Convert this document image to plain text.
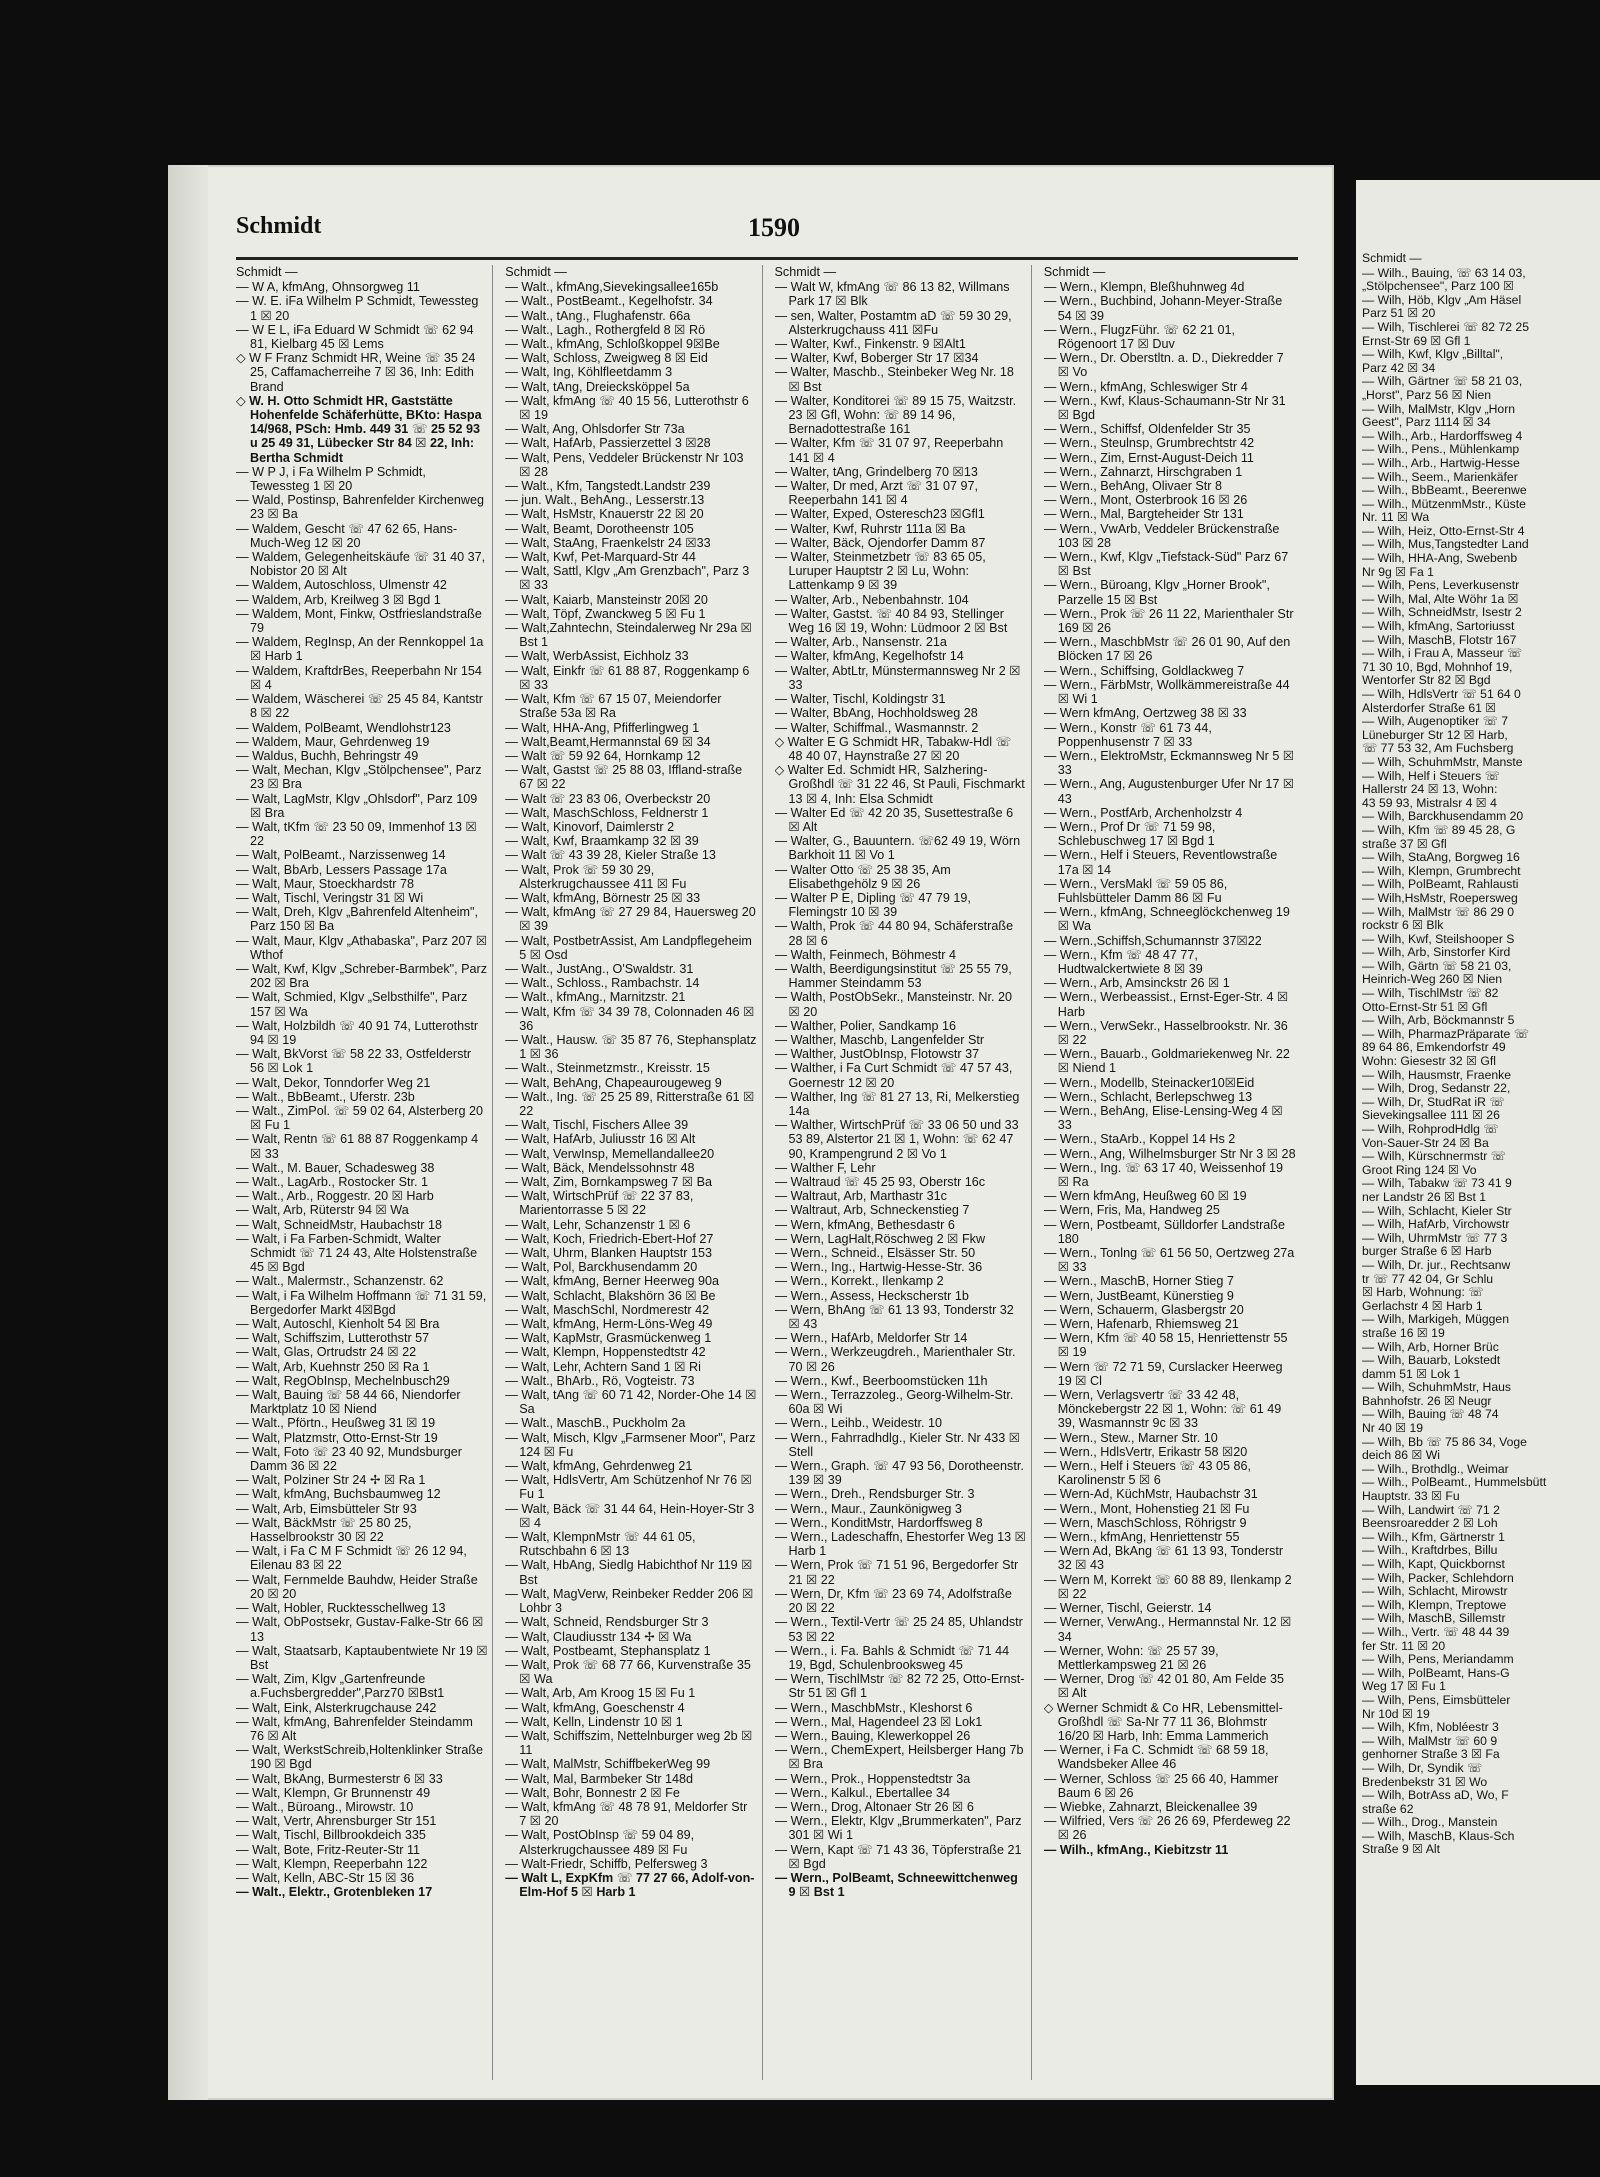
Schmidt	1590
Schmidt —

— W A, kfmAng, Ohnsorgweg 11

— W. E. iFa Wilhelm P Schmidt, Tewessteg 1 ☒ 20

— W E L, iFa Eduard W Schmidt ☏ 62 94 81, Kielbarg 45 ☒ Lems

◇ W F Franz Schmidt HR, Weine ☏ 35 24 25, Caffamacherreihe 7 ☒ 36, Inh: Edith Brand

◇ W. H. Otto Schmidt HR, Gaststätte Hohenfelde Schäferhütte, BKto: Haspa 14/968, PSch: Hmb. 449 31 ☏ 25 52 93 u 25 49 31, Lübecker Str 84 ☒ 22, Inh: Bertha Schmidt

— W P J, i Fa Wilhelm P Schmidt, Tewessteg 1 ☒ 20

— Wald, Postinsp, Bahrenfelder Kirchenweg 23 ☒ Ba

— Waldem, Gescht ☏ 47 62 65, Hans-Much-Weg 12 ☒ 20

— Waldem, Gelegenheitskäufe ☏ 31 40 37, Nobistor 20 ☒ Alt

— Waldem, Autoschloss, Ulmenstr 42

— Waldem, Arb, Kreilweg 3 ☒ Bgd 1

— Waldem, Mont, Finkw, Ostfrieslandstraße 79

— Waldem, RegInsp, An der Rennkoppel 1a ☒ Harb 1

— Waldem, KraftdrBes, Reeperbahn Nr 154 ☒ 4

— Waldem, Wäscherei ☏ 25 45 84, Kantstr 8 ☒ 22

— Waldem, PolBeamt, Wendlohstr123

— Waldem, Maur, Gehrdenweg 19

— Waldus, Buchh, Behringstr 49

— Walt, Mechan, Klgv „Stölpchensee", Parz 23 ☒ Bra

— Walt, LagMstr, Klgv „Ohlsdorf", Parz 109 ☒ Bra

— Walt, tKfm ☏ 23 50 09, Immenhof 13 ☒ 22

— Walt, PolBeamt., Narzissenweg 14

— Walt, BbArb, Lessers Passage 17a

— Walt, Maur, Stoeckhardstr 78

— Walt, Tischl, Veringstr 31 ☒ Wi

— Walt, Dreh, Klgv „Bahrenfeld Altenheim", Parz 150 ☒ Ba

— Walt, Maur, Klgv „Athabaska", Parz 207 ☒ Wthof

— Walt, Kwf, Klgv „Schreber-Barmbek", Parz 202 ☒ Bra

— Walt, Schmied, Klgv „Selbsthilfe", Parz 157 ☒ Wa

— Walt, Holzbildh ☏ 40 91 74, Lutterothstr 94 ☒ 19

— Walt, BkVorst ☏ 58 22 33, Ostfelderstr 56 ☒ Lok 1

— Walt, Dekor, Tonndorfer Weg 21

— Walt., BbBeamt., Uferstr. 23b

— Walt., ZimPol. ☏ 59 02 64, Alsterberg 20 ☒ Fu 1

— Walt, Rentn ☏ 61 88 87 Roggenkamp 4 ☒ 33

— Walt., M. Bauer, Schadesweg 38

— Walt., LagArb., Rostocker Str. 1

— Walt., Arb., Roggestr. 20 ☒ Harb

— Walt, Arb, Rüterstr 94 ☒ Wa

— Walt, SchneidMstr, Haubachstr 18

— Walt, i Fa Farben-Schmidt, Walter Schmidt ☏ 71 24 43, Alte Holstenstraße 45 ☒ Bgd

— Walt., Malermstr., Schanzenstr. 62

— Walt, i Fa Wilhelm Hoffmann ☏ 71 31 59, Bergedorfer Markt 4☒Bgd

— Walt, Autoschl, Kienholt 54 ☒ Bra

— Walt, Schiffszim, Lutterothstr 57

— Walt, Glas, Ortrudstr 24 ☒ 22

— Walt, Arb, Kuehnstr 250 ☒ Ra 1

— Walt, RegObInsp, Mechelnbusch29

— Walt, Bauing ☏ 58 44 66, Niendorfer Marktplatz 10 ☒ Niend

— Walt., Pförtn., Heußweg 31 ☒ 19

— Walt, Platzmstr, Otto-Ernst-Str 19

— Walt, Foto ☏ 23 40 92, Mundsburger Damm 36 ☒ 22

— Walt, Polziner Str 24 ✢ ☒ Ra 1

— Walt, kfmAng, Buchsbaumweg 12

— Walt, Arb, Eimsbütteler Str 93

— Walt, BäckMstr ☏ 25 80 25, Hasselbrookstr 30 ☒ 22

— Walt, i Fa C M F Schmidt ☏ 26 12 94, Eilenau 83 ☒ 22

— Walt, Fernmelde Bauhdw, Heider Straße 20 ☒ 20

— Walt, Hobler, Rucktesschellweg 13

— Walt, ObPostsekr, Gustav-Falke-Str 66 ☒ 13

— Walt, Staatsarb, Kaptaubentwiete Nr 19 ☒ Bst

— Walt, Zim, Klgv „Gartenfreunde a.Fuchsbergredder",Parz70 ☒Bst1

— Walt, Eink, Alsterkrugchause 242

— Walt, kfmAng, Bahrenfelder Steindamm 76 ☒ Alt

— Walt, WerkstSchreib,Holtenklinker Straße 190 ☒ Bgd

— Walt, BkAng, Burmesterstr 6 ☒ 33

— Walt, Klempn, Gr Brunnenstr 49

— Walt., Büroang., Mirowstr. 10

— Walt, Vertr, Ahrensburger Str 151

— Walt, Tischl, Billbrookdeich 335

— Walt, Bote, Fritz-Reuter-Str 11

— Walt, Klempn, Reeperbahn 122

— Walt, Kelln, ABC-Str 15 ☒ 36

— Walt., Elektr., Grotenbleken 17

Schmidt —

— Walt., kfmAng,Sievekingsallee165b

— Walt., PostBeamt., Kegelhofstr. 34

— Walt., tAng., Flughafenstr. 66a

— Walt., Lagh., Rothergfeld 8 ☒ Rö

— Walt., kfmAng, Schloßkoppel 9☒Be

— Walt, Schloss, Zweigweg 8 ☒ Eid

— Walt, Ing, Köhlfleetdamm 3

— Walt, tAng, Dreiecksköppel 5a

— Walt, kfmAng ☏ 40 15 56, Lutterothstr 6 ☒ 19

— Walt, Ang, Ohlsdorfer Str 73a

— Walt, HafArb, Passierzettel 3 ☒28

— Walt, Pens, Veddeler Brückenstr Nr 103 ☒ 28

— Walt., Kfm, Tangstedt.Landstr 239

— jun. Walt., BehAng., Lesserstr.13

— Walt, HsMstr, Knauerstr 22 ☒ 20

— Walt, Beamt, Dorotheenstr 105

— Walt, StaAng, Fraenkelstr 24 ☒33

— Walt, Kwf, Pet-Marquard-Str 44

— Walt, Sattl, Klgv „Am Grenzbach", Parz 3 ☒ 33

— Walt, Kaiarb, Mansteinstr 20☒ 20

— Walt, Töpf, Zwanckweg 5 ☒ Fu 1

— Walt,Zahntechn, Steindalerweg Nr 29a ☒ Bst 1

— Walt, WerbAssist, Eichholz 33

— Walt, Einkfr ☏ 61 88 87, Roggenkamp 6 ☒ 33

— Walt, Kfm ☏ 67 15 07, Meiendorfer Straße 53a ☒ Ra

— Walt, HHA-Ang, Pfifferlingweg 1

— Walt,Beamt,Hermannstal 69 ☒ 34

— Walt ☏ 59 92 64, Hornkamp 12

— Walt, Gastst ☏ 25 88 03, Iffland-straße 67 ☒ 22

— Walt ☏ 23 83 06, Overbeckstr 20

— Walt, MaschSchloss, Feldnerstr 1

— Walt, Kinovorf, Daimlerstr 2

— Walt, Kwf, Braamkamp 32 ☒ 39

— Walt ☏ 43 39 28, Kieler Straße 13

— Walt, Prok ☏ 59 30 29, Alsterkrugchaussee 411 ☒ Fu

— Walt, kfmAng, Börnestr 25 ☒ 33

— Walt, kfmAng ☏ 27 29 84, Hauersweg 20 ☒ 39

— Walt, PostbetrAssist, Am Landpflegeheim 5 ☒ Osd

— Walt., JustAng., O'Swaldstr. 31

— Walt., Schloss., Rambachstr. 14

— Walt., kfmAng., Marnitzstr. 21

— Walt, Kfm ☏ 34 39 78, Colonnaden 46 ☒ 36

— Walt., Hausw. ☏ 35 87 76, Stephansplatz 1 ☒ 36

— Walt., Steinmetzmstr., Kreisstr. 15

— Walt, BehAng, Chapeaurougeweg 9

— Walt., Ing. ☏ 25 25 89, Ritterstraße 61 ☒ 22

— Walt, Tischl, Fischers Allee 39

— Walt, HafArb, Juliusstr 16 ☒ Alt

— Walt, VerwInsp, Memellandallee20

— Walt, Bäck, Mendelssohnstr 48

— Walt, Zim, Bornkampsweg 7 ☒ Ba

— Walt, WirtschPrüf ☏ 22 37 83, Marientorrasse 5 ☒ 22

— Walt, Lehr, Schanzenstr 1 ☒ 6

— Walt, Koch, Friedrich-Ebert-Hof 27

— Walt, Uhrm, Blanken Hauptstr 153

— Walt, Pol, Barckhusendamm 20

— Walt, kfmAng, Berner Heerweg 90a

— Walt, Schlacht, Blakshörn 36 ☒ Be

— Walt, MaschSchl, Nordmerestr 42

— Walt, kfmAng, Herm-Löns-Weg 49

— Walt, KapMstr, Grasmückenweg 1

— Walt, Klempn, Hoppenstedtstr 42

— Walt, Lehr, Achtern Sand 1 ☒ Ri

— Walt., BhArb., Rö, Vogteistr. 73

— Walt, tAng ☏ 60 71 42, Norder-Ohe 14 ☒ Sa

— Walt., MaschB., Puckholm 2a

— Walt, Misch, Klgv „Farmsener Moor", Parz 124 ☒ Fu

— Walt, kfmAng, Gehrdenweg 21

— Walt, HdlsVertr, Am Schützenhof Nr 76 ☒ Fu 1

— Walt, Bäck ☏ 31 44 64, Hein-Hoyer-Str 3 ☒ 4

— Walt, KlempnMstr ☏ 44 61 05, Rutschbahn 6 ☒ 13

— Walt, HbAng, Siedlg Habichthof Nr 119 ☒ Bst

— Walt, MagVerw, Reinbeker Redder 206 ☒ Lohbr 3

— Walt, Schneid, Rendsburger Str 3

— Walt, Claudiusstr 134 ✢ ☒ Wa

— Walt, Postbeamt, Stephansplatz 1

— Walt, Prok ☏ 68 77 66, Kurvenstraße 35 ☒ Wa

— Walt, Arb, Am Kroog 15 ☒ Fu 1

— Walt, kfmAng, Goeschenstr 4

— Walt, Kelln, Lindenstr 10 ☒ 1

— Walt, Schiffszim, Nettelnburger weg 2b ☒ 11

— Walt, MalMstr, SchiffbekerWeg 99

— Walt, Mal, Barmbeker Str 148d

— Walt, Bohr, Bonnestr 2 ☒ Fe

— Walt, kfmAng ☏ 48 78 91, Meldorfer Str 7 ☒ 20

— Walt, PostObInsp ☏ 59 04 89, Alsterkrugchaussee 489 ☒ Fu

— Walt-Friedr, Schiffb, Pelfersweg 3

— Walt L, ExpKfm ☏ 77 27 66, Adolf-von-Elm-Hof 5 ☒ Harb 1

Schmidt —

— Walt W, kfmAng ☏ 86 13 82, Willmans Park 17 ☒ Blk

— sen, Walter, Postamtm aD ☏ 59 30 29, Alsterkrugchauss 411 ☒Fu

— Walter, Kwf., Finkenstr. 9 ☒Alt1

— Walter, Kwf, Boberger Str 17 ☒34

— Walter, Maschb., Steinbeker Weg Nr. 18 ☒ Bst

— Walter, Konditorei ☏ 89 15 75, Waitzstr. 23 ☒ Gfl, Wohn: ☏ 89 14 96, Bernadottestraße 161

— Walter, Kfm ☏ 31 07 97, Reeperbahn 141 ☒ 4

— Walter, tAng, Grindelberg 70 ☒13

— Walter, Dr med, Arzt ☏ 31 07 97, Reeperbahn 141 ☒ 4

— Walter, Exped, Osteresch23 ☒Gfl1

— Walter, Kwf, Ruhrstr 111a ☒ Ba

— Walter, Bäck, Ojendorfer Damm 87

— Walter, Steinmetzbetr ☏ 83 65 05, Luruper Hauptstr 2 ☒ Lu, Wohn: Lattenkamp 9 ☒ 39

— Walter, Arb., Nebenbahnstr. 104

— Walter, Gastst. ☏ 40 84 93, Stellinger Weg 16 ☒ 19, Wohn: Lüdmoor 2 ☒ Bst

— Walter, Arb., Nansenstr. 21a

— Walter, kfmAng, Kegelhofstr 14

— Walter, AbtLtr, Münstermannsweg Nr 2 ☒ 33

— Walter, Tischl, Koldingstr 31

— Walter, BbAng, Hochholdsweg 28

— Walter, Schiffmal., Wasmannstr. 2

◇ Walter E G Schmidt HR, Tabakw-Hdl ☏ 48 40 07, Haynstraße 27 ☒ 20

◇ Walter Ed. Schmidt HR, Salzhering-Großhdl ☏ 31 22 46, St Pauli, Fischmarkt 13 ☒ 4, Inh: Elsa Schmidt

— Walter Ed ☏ 42 20 35, Susettestraße 6 ☒ Alt

— Walter, G., Bauuntern. ☏62 49 19, Wörn Barkhoit 11 ☒ Vo 1

— Walter Otto ☏ 25 38 35, Am Elisabethgehölz 9 ☒ 26

— Walter P E, Dipling ☏ 47 79 19, Flemingstr 10 ☒ 39

— Walth, Prok ☏ 44 80 94, Schäferstraße 28 ☒ 6

— Walth, Feinmech, Böhmestr 4

— Walth, Beerdigungsinstitut ☏ 25 55 79, Hammer Steindamm 53

— Walth, PostObSekr., Mansteinstr. Nr. 20 ☒ 20

— Walther, Polier, Sandkamp 16

— Walther, Maschb, Langenfelder Str

— Walther, JustObInsp, Flotowstr 37

— Walther, i Fa Curt Schmidt ☏ 47 57 43, Goernestr 12 ☒ 20

— Walther, Ing ☏ 81 27 13, Ri, Melkerstieg 14a

— Walther, WirtschPrüf ☏ 33 06 50 und 33 53 89, Alstertor 21 ☒ 1, Wohn: ☏ 62 47 90, Krampengrund 2 ☒ Vo 1

— Walther F, Lehr

— Waltraud ☏ 45 25 93, Oberstr 16c

— Waltraut, Arb, Marthastr 31c

— Waltraut, Arb, Schneckenstieg 7

— Wern, kfmAng, Bethesdastr 6

— Wern, LagHalt,Röschweg 2 ☒ Fkw

— Wern., Schneid., Elsässer Str. 50

— Wern., Ing., Hartwig-Hesse-Str. 36

— Wern., Korrekt., Ilenkamp 2

— Wern., Assess, Heckscherstr 1b

— Wern, BhAng ☏ 61 13 93, Tonderstr 32 ☒ 43

— Wern., HafArb, Meldorfer Str 14

— Wern., Werkzeugdreh., Marienthaler Str. 70 ☒ 26

— Wern., Kwf., Beerboomstücken 11h

— Wern., Terrazzoleg., Georg-Wilhelm-Str. 60a ☒ Wi

— Wern., Leihb., Weidestr. 10

— Wern., Fahrradhdlg., Kieler Str. Nr 433 ☒ Stell

— Wern., Graph. ☏ 47 93 56, Dorotheenstr. 139 ☒ 39

— Wern., Dreh., Rendsburger Str. 3

— Wern., Maur., Zaunkönigweg 3

— Wern., KonditMstr, Hardorffsweg 8

— Wern., Ladeschaffn, Ehestorfer Weg 13 ☒ Harb 1

— Wern, Prok ☏ 71 51 96, Bergedorfer Str 21 ☒ 22

— Wern, Dr, Kfm ☏ 23 69 74, Adolfstraße 20 ☒ 22

— Wern., Textil-Vertr ☏ 25 24 85, Uhlandstr 53 ☒ 22

— Wern., i. Fa. Bahls & Schmidt ☏ 71 44 19, Bgd, Schulenbrooksweg 45

— Wern, TischlMstr ☏ 82 72 25, Otto-Ernst-Str 51 ☒ Gfl 1

— Wern., MaschbMstr., Kleshorst 6

— Wern., Mal, Hagendeel 23 ☒ Lok1

— Wern., Bauing, Klewerkoppel 26

— Wern., ChemExpert, Heilsberger Hang 7b ☒ Bra

— Wern., Prok., Hoppenstedtstr 3a

— Wern., Kalkul., Ebertallee 34

— Wern., Drog, Altonaer Str 26 ☒ 6

— Wern., Elektr, Klgv „Brummerkaten", Parz 301 ☒ Wi 1

— Wern, Kapt ☏ 71 43 36, Töpferstraße 21 ☒ Bgd

— Wern., PolBeamt, Schneewittchenweg 9 ☒ Bst 1

Schmidt —

— Wern., Klempn, Bleßhuhnweg 4d

— Wern., Buchbind, Johann-Meyer-Straße 54 ☒ 39

— Wern., FlugzFühr. ☏ 62 21 01, Rögenoort 17 ☒ Duv

— Wern., Dr. Oberstltn. a. D., Diekredder 7 ☒ Vo

— Wern., kfmAng, Schleswiger Str 4

— Wern., Kwf, Klaus-Schaumann-Str Nr 31 ☒ Bgd

— Wern., Schiffsf, Oldenfelder Str 35

— Wern., Steulnsp, Grumbrechtstr 42

— Wern., Zim, Ernst-August-Deich 11

— Wern., Zahnarzt, Hirschgraben 1

— Wern., BehAng, Olivaer Str 8

— Wern., Mont, Osterbrook 16 ☒ 26

— Wern., Mal, Bargteheider Str 131

— Wern., VwArb, Veddeler Brückenstraße 103 ☒ 28

— Wern., Kwf, Klgv „Tiefstack-Süd" Parz 67 ☒ Bst

— Wern., Büroang, Klgv „Horner Brook", Parzelle 15 ☒ Bst

— Wern., Prok ☏ 26 11 22, Marienthaler Str 169 ☒ 26

— Wern., MaschbMstr ☏ 26 01 90, Auf den Blöcken 17 ☒ 26

— Wern., Schiffsing, Goldlackweg 7

— Wern., FärbMstr, Wollkämmereistraße 44 ☒ Wi 1

— Wern kfmAng, Oertzweg 38 ☒ 33

— Wern., Konstr ☏ 61 73 44, Poppenhusenstr 7 ☒ 33

— Wern., ElektroMstr, Eckmannsweg Nr 5 ☒ 33

— Wern., Ang, Augustenburger Ufer Nr 17 ☒ 43

— Wern., PostfArb, Archenholzstr 4

— Wern., Prof Dr ☏ 71 59 98, Schlebuschweg 17 ☒ Bgd 1

— Wern., Helf i Steuers, Reventlowstraße 17a ☒ 14

— Wern., VersMakl ☏ 59 05 86, Fuhlsbütteler Damm 86 ☒ Fu

— Wern., kfmAng, Schneeglöckchenweg 19 ☒ Wa

— Wern.,Schiffsh,Schumannstr 37☒22

— Wern., Kfm ☏ 48 47 77, Hudtwalckertwiete 8 ☒ 39

— Wern., Arb, Amsinckstr 26 ☒ 1

— Wern., Werbeassist., Ernst-Eger-Str. 4 ☒ Harb

— Wern., VerwSekr., Hasselbrookstr. Nr. 36 ☒ 22

— Wern., Bauarb., Goldmariekenweg Nr. 22 ☒ Niend 1

— Wern., Modellb, Steinacker10☒Eid

— Wern., Schlacht, Berlepschweg 13

— Wern., BehAng, Elise-Lensing-Weg 4 ☒ 33

— Wern., StaArb., Koppel 14 Hs 2

— Wern., Ang, Wilhelmsburger Str Nr 3 ☒ 28

— Wern., Ing. ☏ 63 17 40, Weissenhof 19 ☒ Ra

— Wern kfmAng, Heußweg 60 ☒ 19

— Wern, Fris, Ma, Handweg 25

— Wern, Postbeamt, Sülldorfer Landstraße 180

— Wern., Tonlng ☏ 61 56 50, Oertzweg 27a ☒ 33

— Wern., MaschB, Horner Stieg 7

— Wern, JustBeamt, Künerstieg 9

— Wern, Schauerm, Glasbergstr 20

— Wern, Hafenarb, Rhiemsweg 21

— Wern, Kfm ☏ 40 58 15, Henriettenstr 55 ☒ 19

— Wern ☏ 72 71 59, Curslacker Heerweg 19 ☒ Cl

— Wern, Verlagsvertr ☏ 33 42 48, Mönckebergstr 22 ☒ 1, Wohn: ☏ 61 49 39, Wasmannstr 9c ☒ 33

— Wern., Stew., Marner Str. 10

— Wern., HdlsVertr, Erikastr 58 ☒20

— Wern., Helf i Steuers ☏ 43 05 86, Karolinenstr 5 ☒ 6

— Wern-Ad, KüchMstr, Haubachstr 31

— Wern., Mont, Hohenstieg 21 ☒ Fu

— Wern, MaschSchloss, Röhrigstr 9

— Wern., kfmAng, Henriettenstr 55

— Wern Ad, BkAng ☏ 61 13 93, Tonderstr 32 ☒ 43

— Wern M, Korrekt ☏ 60 88 89, Ilenkamp 2 ☒ 22

— Werner, Tischl, Geierstr. 14

— Werner, VerwAng., Hermannstal Nr. 12 ☒ 34

— Werner, Wohn: ☏ 25 57 39, Mettlerkampsweg 21 ☒ 26

— Werner, Drog ☏ 42 01 80, Am Felde 35 ☒ Alt

◇ Werner Schmidt & Co HR, Lebensmittel-Großhdl ☏ Sa-Nr 77 11 36, Blohmstr 16/20 ☒ Harb, Inh: Emma Lammerich

— Werner, i Fa C. Schmidt ☏ 68 59 18, Wandsbeker Allee 46

— Werner, Schloss ☏ 25 66 40, Hammer Baum 6 ☒ 26

— Wiebke, Zahnarzt, Bleickenallee 39

— Wilfried, Vers ☏ 26 26 69, Pferdeweg 22 ☒ 26

— Wilh., kfmAng., Kiebitzstr 11

Schmidt —

— Wilh., Bauing, ☏ 63 14 03,

„Stölpchensee", Parz 100 ☒

— Wilh, Höb, Klgv „Am Häsel

Parz 51 ☒ 20

— Wilh, Tischlerei ☏ 82 72 25

Ernst-Str 69 ☒ Gfl 1

— Wilh, Kwf, Klgv „Billtal",

Parz 42 ☒ 34

— Wilh, Gärtner ☏ 58 21 03,

„Horst", Parz 56 ☒ Nien

— Wilh, MalMstr, Klgv „Horn

Geest", Parz 1114 ☒ 34

— Wilh., Arb., Hardorffsweg 4

— Wilh., Pens., Mühlenkamp

— Wilh., Arb., Hartwig-Hesse

— Wilh., Seem., Marienkäfer

— Wilh., BbBeamt., Beerenwe

— Wilh., MützenmMstr., Küste

Nr. 11 ☒ Wa

— Wilh, Heiz, Otto-Ernst-Str 4

— Wilh, Mus,Tangstedter Land

— Wilh, HHA-Ang, Swebenb

Nr 9g ☒ Fa 1

— Wilh, Pens, Leverkusenstr

— Wilh, Mal, Alte Wöhr 1a ☒

— Wilh, SchneidMstr, Isestr 2

— Wilh, kfmAng, Sartoriusst

— Wilh, MaschB, Flotstr 167

— Wilh, i Frau A, Masseur ☏

71 30 10, Bgd, Mohnhof 19,

Wentorfer Str 82 ☒ Bgd

— Wilh, HdlsVertr ☏ 51 64 0

Alsterdorfer Straße 61 ☒

— Wilh, Augenoptiker ☏ 7

Lüneburger Str 12 ☒ Harb,

☏ 77 53 32, Am Fuchsberg

— Wilh, SchuhmMstr, Manste

— Wilh, Helf i Steuers ☏

Hallerstr 24 ☒ 13, Wohn:

43 59 93, Mistralsr 4 ☒ 4

— Wilh, Barckhusendamm 20

— Wilh, Kfm ☏ 89 45 28, G

straße 37 ☒ Gfl

— Wilh, StaAng, Borgweg 16

— Wilh, Klempn, Grumbrecht

— Wilh, PolBeamt, Rahlausti

— Wilh,HsMstr, Roepersweg

— Wilh, MalMstr ☏ 86 29 0

rockstr 6 ☒ Blk

— Wilh, Kwf, Steilshooper S

— Wilh, Arb, Sinstorfer Kird

— Wilh, Gärtn ☏ 58 21 03,

Heinrich-Weg 260 ☒ Nien

— Wilh, TischlMstr ☏ 82

Otto-Ernst-Str 51 ☒ Gfl

— Wilh, Arb, Böckmannstr 5

— Wilh, PharmazPräparate ☏

89 64 86, Emkendorfstr 49

Wohn: Giesestr 32 ☒ Gfl

— Wilh, Hausmstr, Fraenke

— Wilh, Drog, Sedanstr 22,

— Wilh, Dr, StudRat iR ☏

Sievekingsallee 111 ☒ 26

— Wilh, RohprodHdlg ☏

Von-Sauer-Str 24 ☒ Ba

— Wilh, Kürschnermstr ☏

Groot Ring 124 ☒ Vo

— Wilh, Tabakw ☏ 73 41 9

ner Landstr 26 ☒ Bst 1

— Wilh, Schlacht, Kieler Str

— Wilh, HafArb, Virchowstr

— Wilh, UhrmMstr ☏ 77 3

burger Straße 6 ☒ Harb

— Wilh, Dr. jur., Rechtsanw

tr ☏ 77 42 04, Gr Schlu

☒ Harb, Wohnung: ☏

Gerlachstr 4 ☒ Harb 1

— Wilh, Markigeh, Müggen

straße 16 ☒ 19

— Wilh, Arb, Horner Brüc

— Wilh, Bauarb, Lokstedt

damm 51 ☒ Lok 1

— Wilh, SchuhmMstr, Haus

Bahnhofstr. 26 ☒ Neugr

— Wilh, Bauing ☏ 48 74

Nr 40 ☒ 19

— Wilh, Bb ☏ 75 86 34, Voge

deich 86 ☒ Wi

— Wilh., Brothdlg., Weimar

— Wilh., PolBeamt., Hummelsbütt

Hauptstr. 33 ☒ Fu

— Wilh, Landwirt ☏ 71 2

Beensroaredder 2 ☒ Loh

— Wilh., Kfm, Gärtnerstr 1

— Wilh., Kraftdrbes, Billu

— Wilh, Kapt, Quickbornst

— Wilh, Packer, Schlehdorn

— Wilh, Schlacht, Mirowstr

— Wilh, Klempn, Treptowe

— Wilh, MaschB, Sillemstr

— Wilh., Vertr. ☏ 48 44 39

fer Str. 11 ☒ 20

— Wilh, Pens, Meriandamm

— Wilh, PolBeamt, Hans-G

Weg 17 ☒ Fu 1

— Wilh, Pens, Eimsbütteler

Nr 10d ☒ 19

— Wilh, Kfm, Nobléestr 3

— Wilh, MalMstr ☏ 60 9

genhorner Straße 3 ☒ Fa

— Wilh, Dr, Syndik ☏

Bredenbekstr 31 ☒ Wo

— Wilh, BotrAss aD, Wo, F

straße 62

— Wilh., Drog., Manstein

— Wilh, MaschB, Klaus-Sch

Straße 9 ☒ Alt
